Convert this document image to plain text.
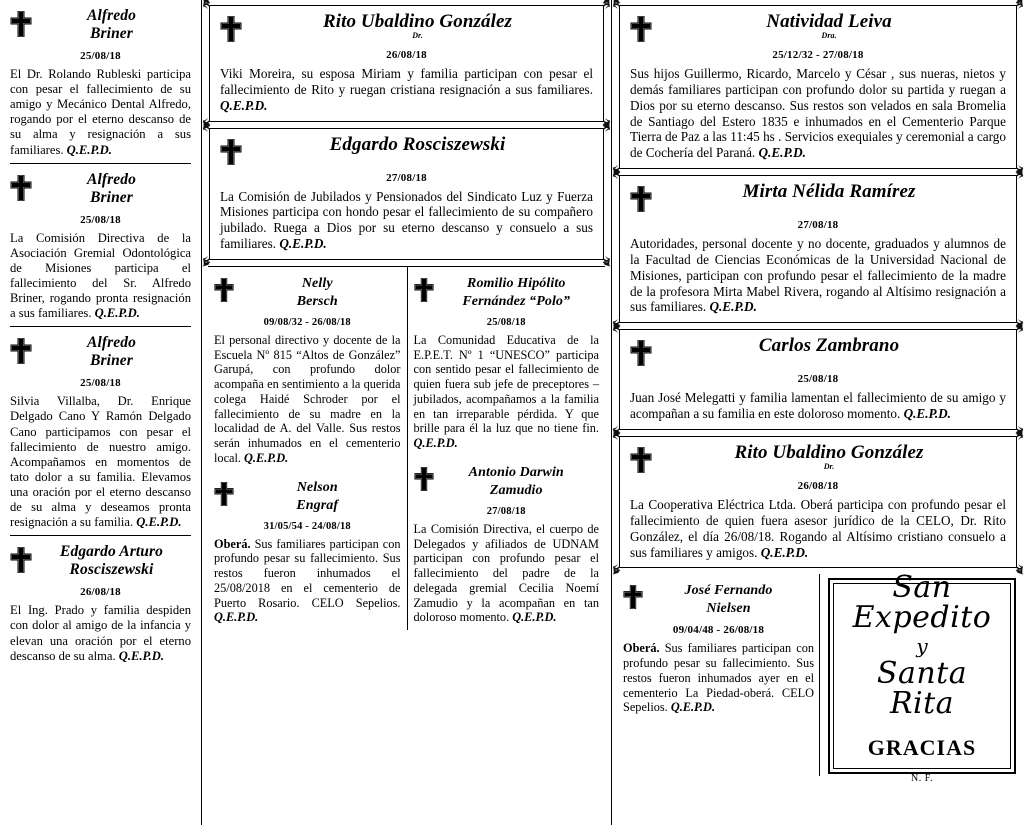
Alfredo
Briner
25/08/18
El Dr. Rolando Rubleski participa con pesar el fallecimiento de su amigo y Mecánico Dental Alfredo, rogando por el eterno descanso de su alma y resignación a sus familiares. Q.E.P.D.
Alfredo
Briner
25/08/18
La Comisión Directiva de la Asociación Gremial Odontológica de Misiones participa el fallecimiento del Sr. Alfredo Briner, rogando pronta resignación a sus familiares. Q.E.P.D.
Alfredo
Briner
25/08/18
Silvia Villalba, Dr. Enrique Delgado Cano Y Ramón Delgado Cano participamos con pesar el fallecimiento de nuestro amigo. Acompañamos en momentos de tato dolor a su familia. Elevamos una oración por el eterno descanso de su alma y deseamos pronta resignación a su familia. Q.E.P.D.
Edgardo Arturo
Rosciszewski
26/08/18
El Ing. Prado y familia despiden con dolor al amigo de la infancia y elevan una oración por el eterno descanso de su alma. Q.E.P.D.
Rito Ubaldino González
Dr.
26/08/18
Viki Moreira, su esposa Miriam y familia participan con pesar el fallecimiento de Rito y ruegan cristiana resignación a sus familiares. Q.E.P.D.
Edgardo Rosciszewski
27/08/18
La Comisión de Jubilados y Pensionados del Sindicato Luz y Fuerza Misiones participa con hondo pesar el fallecimiento de su compañero jubilado. Ruega a Dios por su eterno descanso y consuelo a sus familiares. Q.E.P.D.
Nelly
Bersch
09/08/32 - 26/08/18
El personal directivo y docente de la Escuela Nº 815 “Altos de González” Garupá, con profundo dolor acompaña en sentimiento a la querida colega Haidé Schroder por el fallecimiento de su madre en la localidad de A. del Valle. Sus restos serán inhumados en el cementerio local. Q.E.P.D.
Nelson
Engraf
31/05/54 - 24/08/18
Oberá. Sus familiares participan con profundo pesar su fallecimiento. Sus restos fueron inhumados el 25/08/2018 en el cementerio de Puerto Rosario. CELO Sepelios. Q.E.P.D.
Romilio Hipólito
Fernández “Polo”
25/08/18
La Comunidad Educativa de la E.P.E.T. Nº 1 “UNESCO” participa con sentido pesar el fallecimiento de quien fuera sub jefe de preceptores – jubilados, acompañamos a la familia en tan irreparable pérdida. Y que brille para él la luz que no tiene fin. Q.E.P.D.
Antonio Darwin
Zamudio
27/08/18
La Comisión Directiva, el cuerpo de Delegados y afiliados de UDNAM participan con profundo pesar el fallecimiento del padre de la delegada gremial Cecilia Noemí Zamudio y la acompañan en tan doloroso momento. Q.E.P.D.
Natividad Leiva
Dra.
25/12/32 - 27/08/18
Sus hijos Guillermo, Ricardo, Marcelo y César , sus nueras, nietos y demás familiares participan con profundo dolor su partida y ruegan a Dios por su eterno descanso. Sus restos son velados en sala Bromelia de Santiago del Estero 1835 e inhumados en el Cementerio Parque Tierra de Paz a las 11:45 hs . Servicios exequiales y ceremonial a cargo de Cochería del Paraná. Q.E.P.D.
Mirta Nélida Ramírez
27/08/18
Autoridades, personal docente y no docente, graduados y alumnos de la Facultad de Ciencias Económicas de la Universidad Nacional de Misiones, participan con profundo pesar el fallecimiento de la madre de la profesora Mirta Mabel Rivera, rogando al Altísimo resignación a sus familiares. Q.E.P.D.
Carlos Zambrano
25/08/18
Juan José Melegatti y familia lamentan el fallecimiento de su amigo y acompañan a su familia en este doloroso momento. Q.E.P.D.
Rito Ubaldino González
Dr.
26/08/18
La Cooperativa Eléctrica Ltda. Oberá participa con profundo pesar el fallecimiento de quien fuera asesor jurídico de la CELO, Dr. Rito González, el día 26/08/18. Rogando al Altísimo cristiano consuelo a sus familiares y amigos. Q.E.P.D.
José Fernando
Nielsen
09/04/48 - 26/08/18
Oberá. Sus familiares participan con profundo pesar su fallecimiento. Sus restos fueron inhumados ayer en el cementerio La Piedad-oberá. CELO Sepelios. Q.E.P.D.
San Expedito
y
Santa Rita
GRACIAS
N. F.
